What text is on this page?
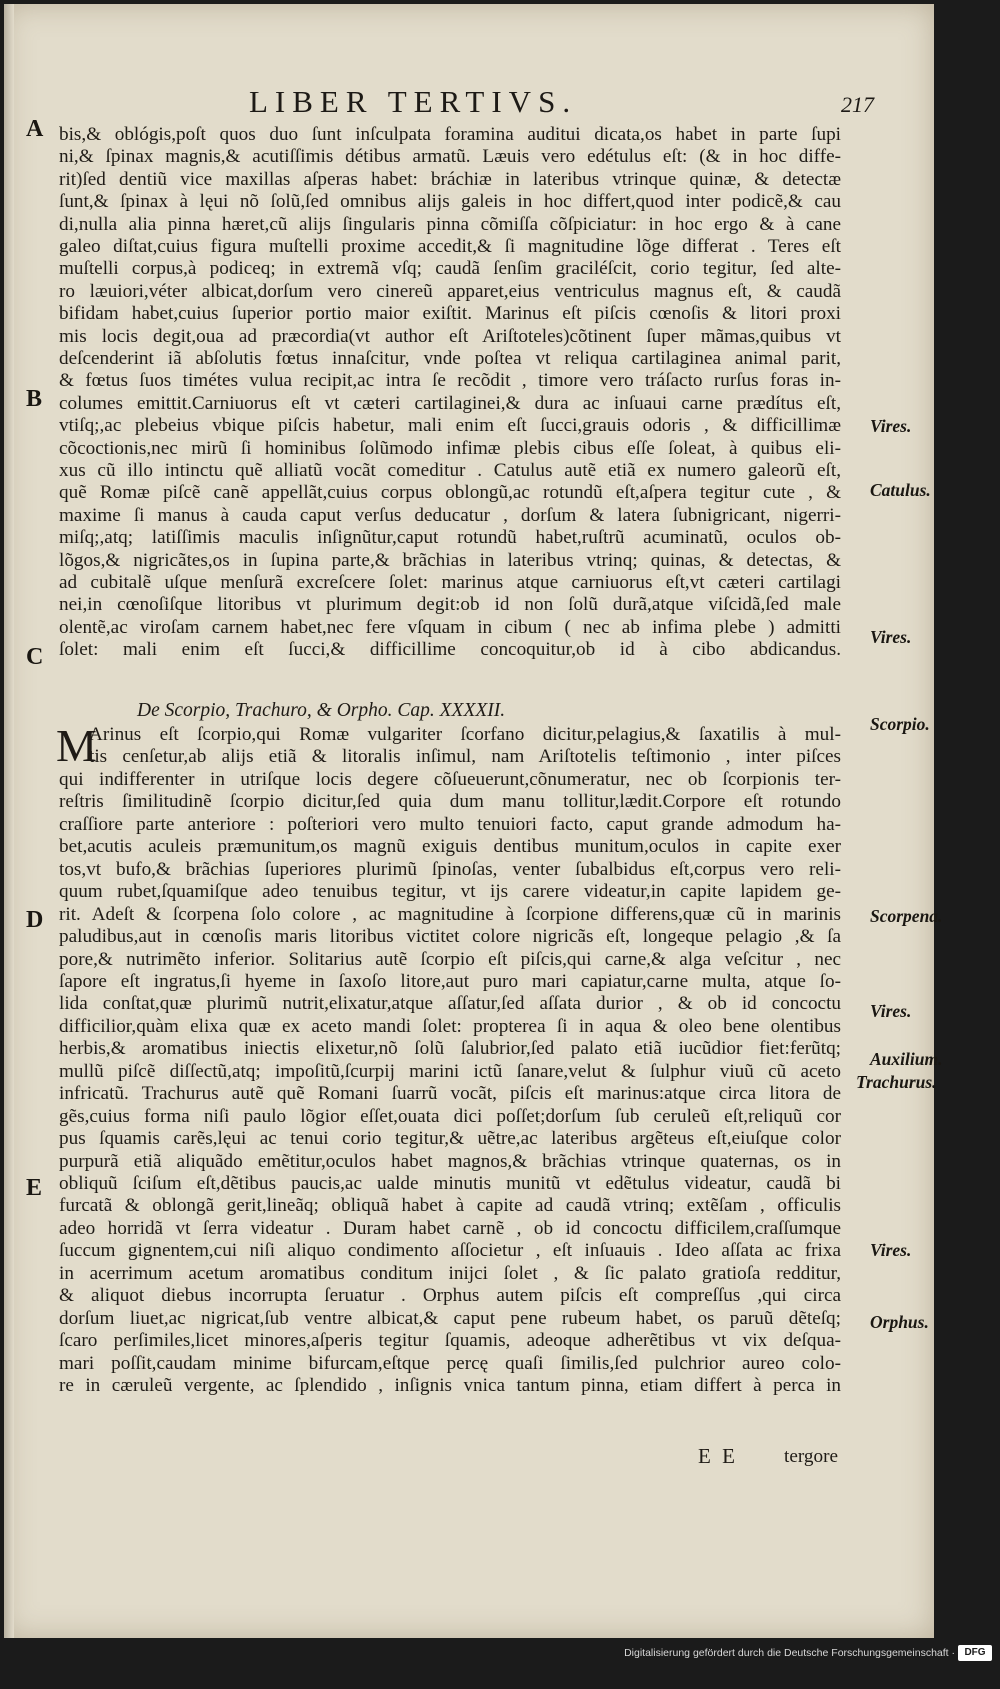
LIBER TERTIVS.	217
A
B
C
D
E
bis,& oblógis,poſt quos duo ſunt inſculpata foramina auditui dicata,os habet in parte ſupi
ni,& ſpinax magnis,& acutiſſimis détibus armatũ. Læuis vero edétulus eſt: (& in hoc diffe-
rit)ſed dentiũ vice maxillas aſperas habet: bráchiæ in lateribus vtrinque quinæ, & detectæ
ſunt,& ſpinax à lęui nõ ſolũ,ſed omnibus alijs galeis in hoc differt,quod inter podicẽ,& cau
di,nulla alia pinna hæret,cũ alijs ſingularis pinna cõmiſſa cõſpiciatur: in hoc ergo & à cane
galeo diſtat,cuius figura muſtelli proxime accedit,& ſi magnitudine lõge differat . Teres eſt
muſtelli corpus,à podiceq; in extremã vſq; caudã ſenſim graciléſcit, corio tegitur, ſed alte-
ro læuiori,véter albicat,dorſum vero cinereũ apparet,eius ventriculus magnus eſt, & caudã
bifidam habet,cuius ſuperior portio maior exiſtit. Marinus eſt piſcis cœnoſis & litori proxi
mis locis degit,oua ad præcordia(vt author eſt Ariſtoteles)cõtinent ſuper mãmas,quibus vt
deſcenderint iã abſolutis fœtus innaſcitur, vnde poſtea vt reliqua cartilaginea animal parit,
& fœtus ſuos timétes vulua recipit,ac intra ſe recõdit , timore vero tráſacto rurſus foras in-
columes emittit.Carniuorus eſt vt cæteri cartilaginei,& dura ac inſuaui carne prædítus eſt,
vtiſq;,ac plebeius vbique piſcis habetur, mali enim eſt ſucci,grauis odoris , & difficillimæ
cõcoctionis,nec mirũ ſi hominibus ſolũmodo infimæ plebis cibus eſſe ſoleat, à quibus eli-
xus cũ illo intinctu quẽ alliatũ vocãt comeditur . Catulus autẽ etiã ex numero galeorũ eſt,
quẽ Romæ piſcẽ canẽ appellãt,cuius corpus oblongũ,ac rotundũ eſt,aſpera tegitur cute , &
maxime ſi manus à cauda caput verſus deducatur , dorſum & latera ſubnigricant, nigerri-
miſq;,atq; latiſſimis maculis inſignũtur,caput rotundũ habet,ruſtrũ acuminatũ, oculos ob-
lõgos,& nigricãtes,os in ſupina parte,& brãchias in lateribus vtrinq; quinas, & detectas, &
ad cubitalẽ uſque menſurã excreſcere ſolet: marinus atque carniuorus eſt,vt cæteri cartilagi
nei,in cœnoſiſque litoribus vt plurimum degit:ob id non ſolũ durã,atque viſcidã,ſed male
olentẽ,ac viroſam carnem habet,nec fere vſquam in cibum ( nec ab infima plebe ) admitti
ſolet: mali enim eſt ſucci,& difficillime concoquitur,ob id à cibo abdicandus.
De Scorpio, Trachuro, & Orpho. Cap. XXXXII.
M
Arinus eſt ſcorpio,qui Romæ vulgariter ſcorfano dicitur,pelagius,& ſaxatilis à mul-
tis cenſetur,ab alijs etiã & litoralis inſimul, nam Ariſtotelis teſtimonio , inter piſces
qui indifferenter in utriſque locis degere cõſueuerunt,cõnumeratur, nec ob ſcorpionis ter-
reſtris ſimilitudinẽ ſcorpio dicitur,ſed quia dum manu tollitur,lædit.Corpore eſt rotundo
craſſiore parte anteriore : poſteriori vero multo tenuiori facto, caput grande admodum ha-
bet,acutis aculeis præmunitum,os magnũ exiguis dentibus munitum,oculos in capite exer
tos,vt bufo,& brãchias ſuperiores plurimũ ſpinoſas, venter ſubalbidus eſt,corpus vero reli-
quum rubet,ſquamiſque adeo tenuibus tegitur, vt ijs carere videatur,in capite lapidem ge-
rit. Adeſt & ſcorpena ſolo colore , ac magnitudine à ſcorpione differens,quæ cũ in marinis
paludibus,aut in cœnoſis maris litoribus victitet colore nigricãs eſt, longeque pelagio ,& ſa
pore,& nutrimẽto inferior. Solitarius autẽ ſcorpio eſt piſcis,qui carne,& alga veſcitur , nec
ſapore eſt ingratus,ſi hyeme in ſaxoſo litore,aut puro mari capiatur,carne multa, atque ſo-
lida conſtat,quæ plurimũ nutrit,elixatur,atque aſſatur,ſed aſſata durior , & ob id concoctu
difficilior,quàm elixa quæ ex aceto mandi ſolet: propterea ſi in aqua & oleo bene olentibus
herbis,& aromatibus iniectis elixetur,nõ ſolũ ſalubrior,ſed palato etiã iucũdior fiet:ferũtq;
mullũ piſcẽ diſſectũ,atq; impoſitũ,ſcurpij marini ictũ ſanare,velut & ſulphur viuũ cũ aceto
infricatũ. Trachurus autẽ quẽ Romani ſuarrũ vocãt, piſcis eſt marinus:atque circa litora de
gẽs,cuius forma niſi paulo lõgior eſſet,ouata dici poſſet;dorſum ſub ceruleũ eſt,reliquũ cor
pus ſquamis carẽs,lęui ac tenui corio tegitur,& uẽtre,ac lateribus argẽteus eſt,eiuſque color
purpurã etiã aliquãdo emẽtitur,oculos habet magnos,& brãchias vtrinque quaternas, os in
obliquũ ſciſum eſt,dẽtibus paucis,ac ualde minutis munitũ vt edẽtulus videatur, caudã bi
furcatã & oblongã gerit,lineãq; obliquã habet à capite ad caudã vtrinq; extẽſam , officulis
adeo horridã vt ſerra videatur . Duram habet carnẽ , ob id concoctu difficilem,craſſumque
ſuccum gignentem,cui niſi aliquo condimento aſſocietur , eſt inſuauis . Ideo aſſata ac frixa
in acerrimum acetum aromatibus conditum inijci ſolet , & ſic palato gratioſa redditur,
& aliquot diebus incorrupta ſeruatur . Orphus autem piſcis eſt compreſſus ,qui circa
dorſum liuet,ac nigricat,ſub ventre albicat,& caput pene rubeum habet, os paruũ dẽteſq;
ſcaro perſimiles,licet minores,aſperis tegitur ſquamis, adeoque adherẽtibus vt vix deſqua-
mari poſſit,caudam minime bifurcam,eſtque percę quaſi ſimilis,ſed pulchrior aureo colo-
re in cæruleũ vergente, ac ſplendido , inſignis vnica tantum pinna, etiam differt à perca in
Vires.
Catulus.
Vires.
Scorpio.
Scorpena.
Vires.
Auxilium.
Trachurus.
Vires.
Orphus.
E E tergore
Digitalisierung gefördert durch die Deutsche Forschungsgemeinschaft · DFG
